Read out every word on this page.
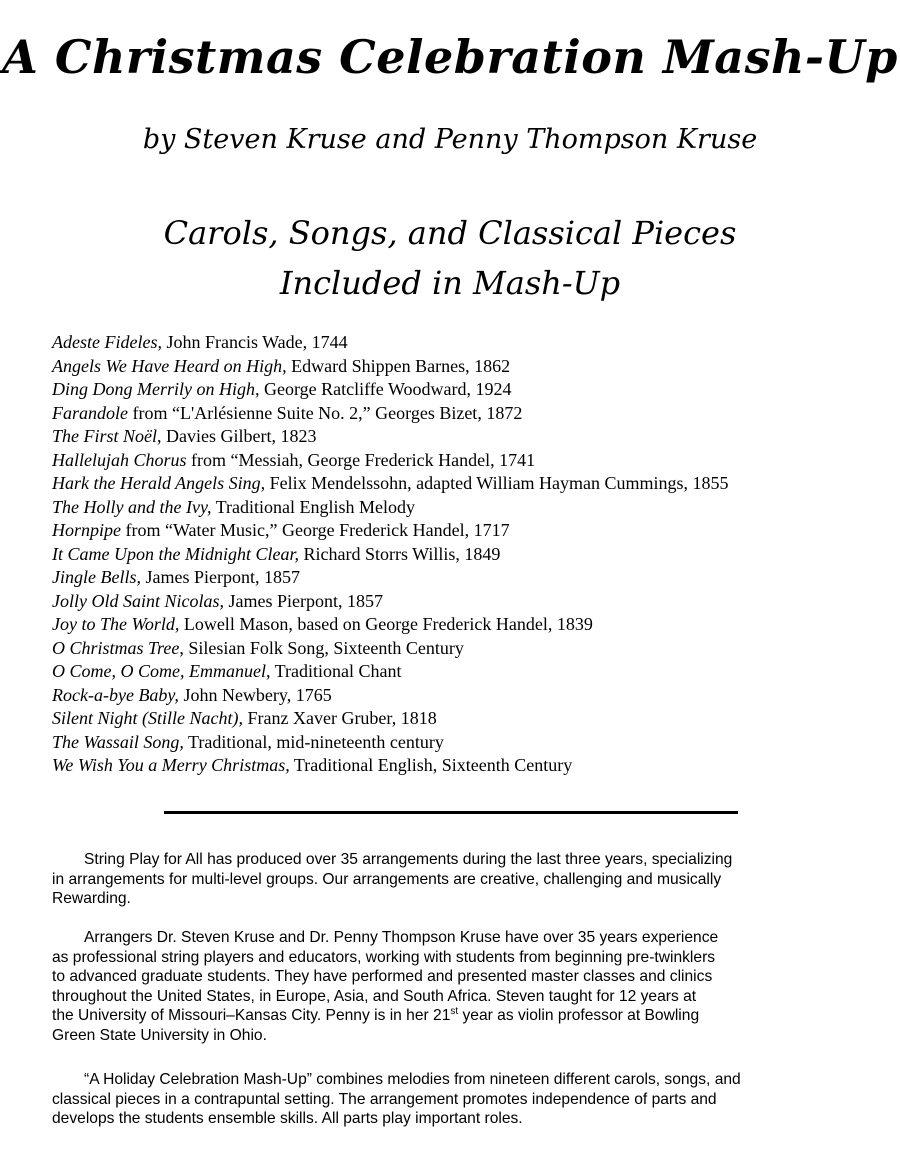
A Christmas Celebration Mash-Up
by Steven Kruse and Penny Thompson Kruse
Carols, Songs, and Classical Pieces
Included in Mash-Up
Adeste Fideles, John Francis Wade, 1744
Angels We Have Heard on High, Edward Shippen Barnes, 1862
Ding Dong Merrily on High, George Ratcliffe Woodward, 1924
Farandole from “L'Arlésienne Suite No. 2,” Georges Bizet, 1872
The First Noël, Davies Gilbert, 1823
Hallelujah Chorus from “Messiah, George Frederick Handel, 1741
Hark the Herald Angels Sing, Felix Mendelssohn, adapted William Hayman Cummings, 1855
The Holly and the Ivy, Traditional English Melody
Hornpipe from “Water Music,” George Frederick Handel, 1717
It Came Upon the Midnight Clear, Richard Storrs Willis, 1849
Jingle Bells, James Pierpont, 1857
Jolly Old Saint Nicolas, James Pierpont, 1857
Joy to The World, Lowell Mason, based on George Frederick Handel, 1839
O Christmas Tree, Silesian Folk Song, Sixteenth Century
O Come, O Come, Emmanuel, Traditional Chant
Rock-a-bye Baby, John Newbery, 1765
Silent Night (Stille Nacht), Franz Xaver Gruber, 1818
The Wassail Song, Traditional, mid-nineteenth century
We Wish You a Merry Christmas, Traditional English, Sixteenth Century
String Play for All has produced over 35 arrangements during the last three years, specializing
in arrangements for multi-level groups. Our arrangements are creative, challenging and musically
Rewarding.
Arrangers Dr. Steven Kruse and Dr. Penny Thompson Kruse have over 35 years experience
as professional string players and educators, working with students from beginning pre-twinklers
to advanced graduate students. They have performed and presented master classes and clinics
throughout the United States, in Europe, Asia, and South Africa. Steven taught for 12 years at
the University of Missouri–Kansas City. Penny is in her 21st year as violin professor at Bowling
Green State University in Ohio.
“A Holiday Celebration Mash-Up” combines melodies from nineteen different carols, songs, and
classical pieces in a contrapuntal setting. The arrangement promotes independence of parts and
develops the students ensemble skills. All parts play important roles.
